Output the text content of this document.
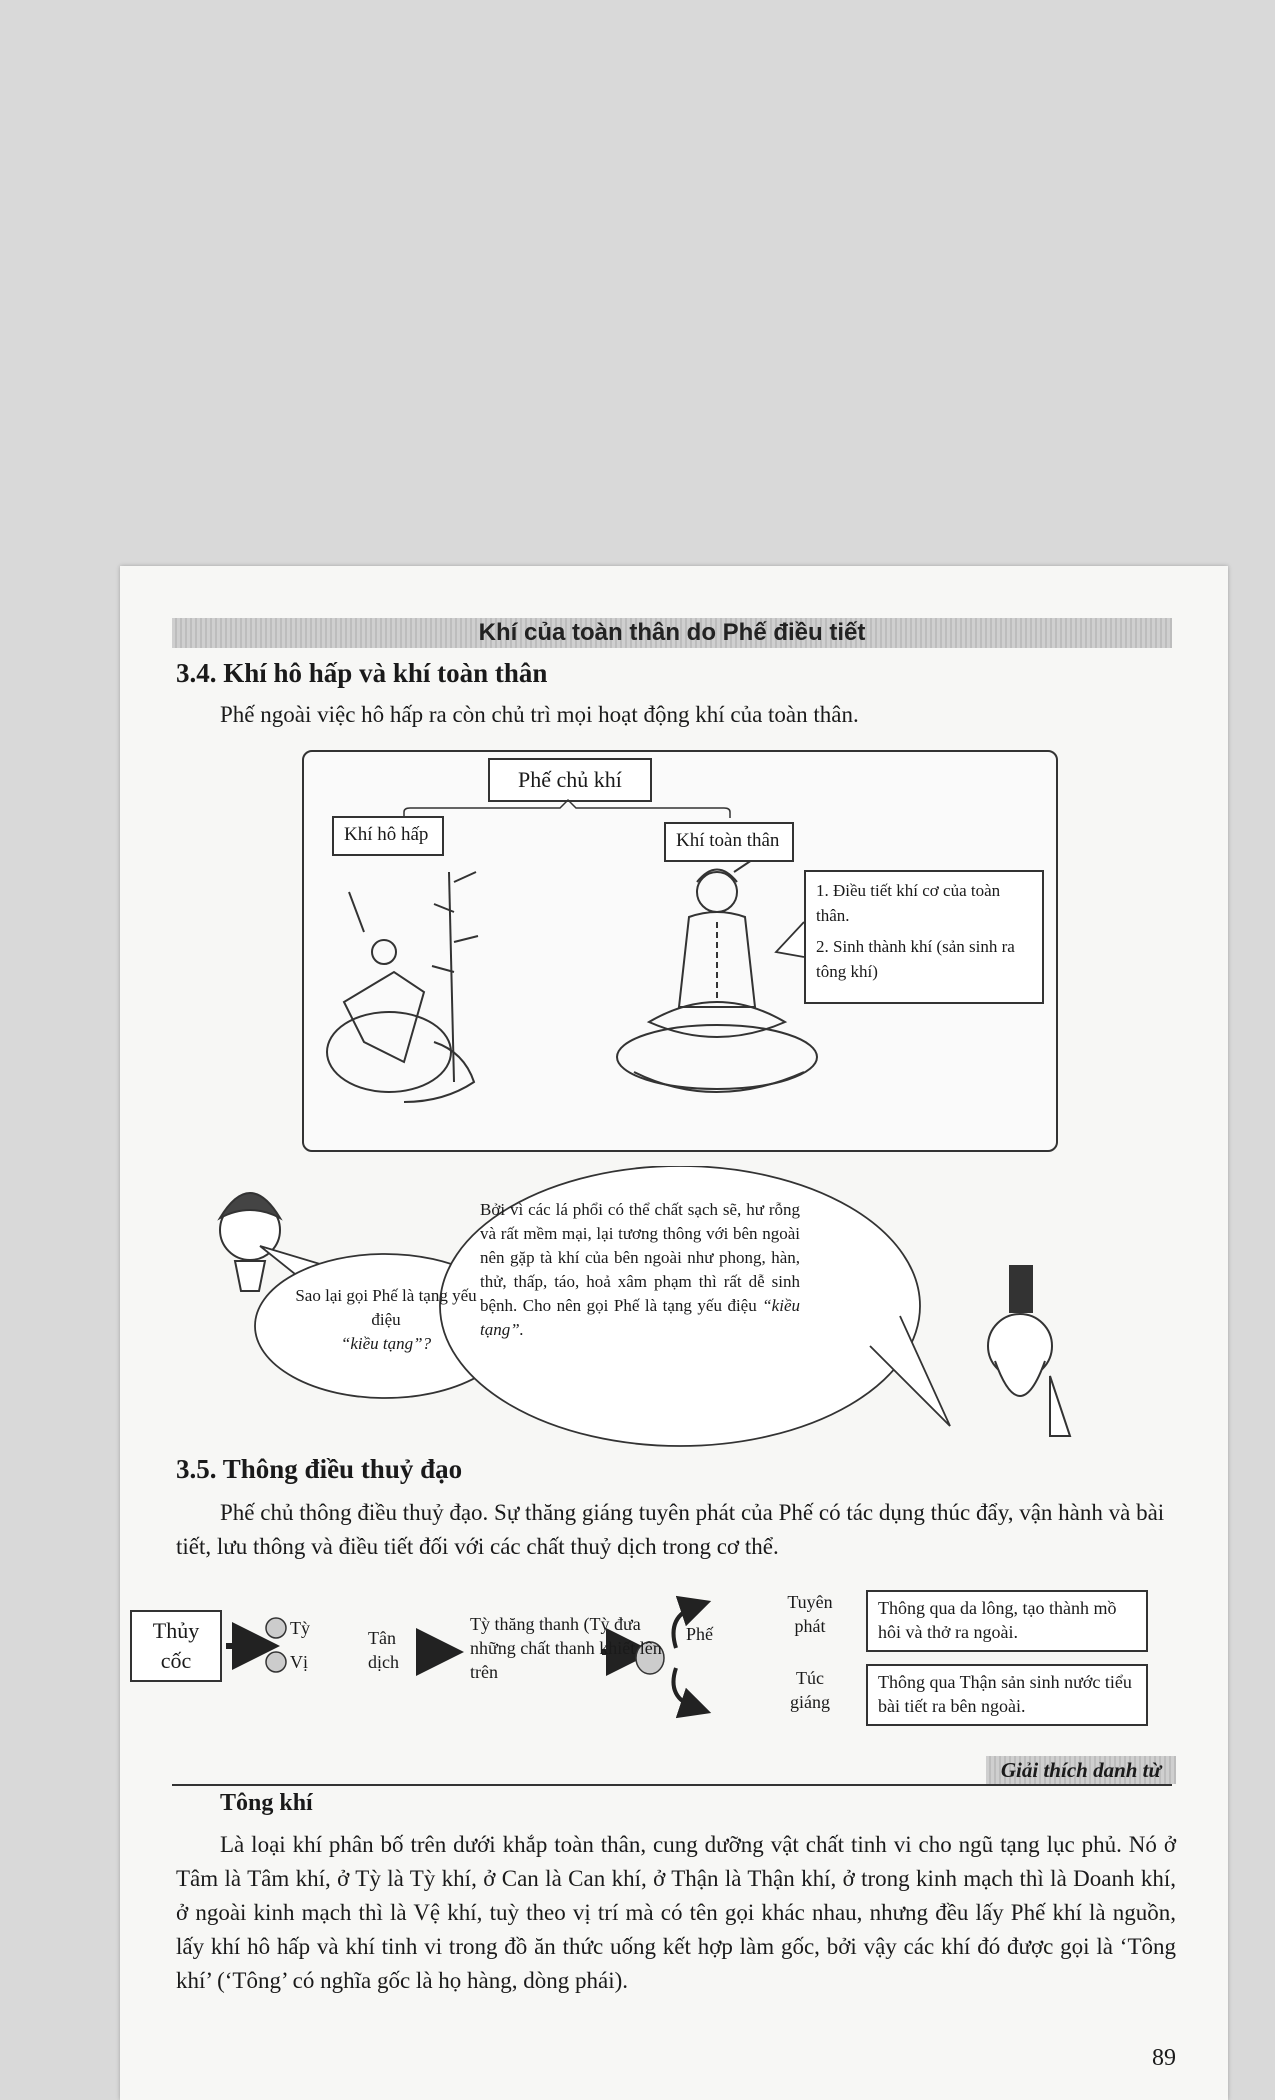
Khí của toàn thân do Phế điều tiết
3.4. Khí hô hấp và khí toàn thân
Phế ngoài việc hô hấp ra còn chủ trì mọi hoạt động khí của toàn thân.
Phế chủ khí
Khí hô hấp	Khí toàn thân
1. Điều tiết khí cơ của toàn thân.
2. Sinh thành khí (sản sinh ra tông khí)
Sao lại gọi Phế là tạng yếu điệu
“kiều tạng”?
Bởi vì các lá phổi có thể chất sạch sẽ, hư rỗng và rất mềm mại, lại tương thông với bên ngoài nên gặp tà khí của bên ngoài như phong, hàn, thử, thấp, táo, hoả xâm phạm thì rất dễ sinh bệnh. Cho nên gọi Phế là tạng yếu điệu “kiều tạng”.
3.5. Thông điều thuỷ đạo
Phế chủ thông điều thuỷ đạo. Sự thăng giáng tuyên phát của Phế có tác dụng thúc đẩy, vận hành và bài tiết, lưu thông và điều tiết đối với các chất thuỷ dịch trong cơ thể.
Thủy cốc
Tỳ
Vị
Tân dịch
Tỳ thăng thanh (Tỳ đưa những chất thanh khiết lên trên
Phế
Tuyên phát
Túc giáng
Thông qua da lông, tạo thành mồ hôi và thở ra ngoài.
Thông qua Thận sản sinh nước tiểu bài tiết ra bên ngoài.
Giải thích danh từ
Tông khí
Là loại khí phân bố trên dưới khắp toàn thân, cung dưỡng vật chất tinh vi cho ngũ tạng lục phủ. Nó ở Tâm là Tâm khí, ở Tỳ là Tỳ khí, ở Can là Can khí, ở Thận là Thận khí, ở trong kinh mạch thì là Doanh khí, ở ngoài kinh mạch thì là Vệ khí, tuỳ theo vị trí mà có tên gọi khác nhau, nhưng đều lấy Phế khí là nguồn, lấy khí hô hấp và khí tinh vi trong đồ ăn thức uống kết hợp làm gốc, bởi vậy các khí đó được gọi là ‘Tông khí’ (‘Tông’ có nghĩa gốc là họ hàng, dòng phái).
89
